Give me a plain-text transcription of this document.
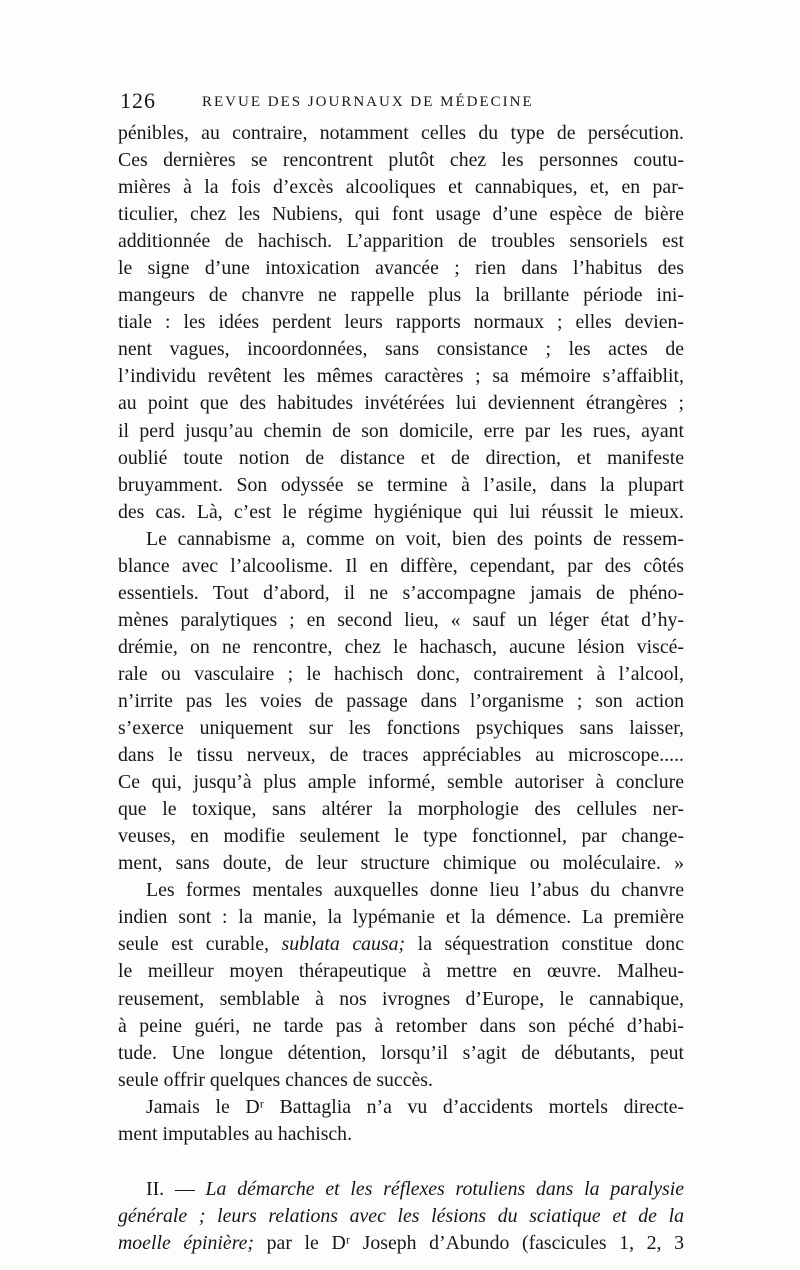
126	REVUE DES JOURNAUX DE MÉDECINE
pénibles, au contraire, notamment celles du type de persécution.
Ces dernières se rencontrent plutôt chez les personnes coutu-
mières à la fois d’excès alcooliques et cannabiques, et, en par-
ticulier, chez les Nubiens, qui font usage d’une espèce de bière
additionnée de hachisch. L’apparition de troubles sensoriels est
le signe d’une intoxication avancée ; rien dans l’habitus des
mangeurs de chanvre ne rappelle plus la brillante période ini-
tiale : les idées perdent leurs rapports normaux ; elles devien-
nent vagues, incoordonnées, sans consistance ; les actes de
l’individu revêtent les mêmes caractères ; sa mémoire s’affaiblit,
au point que des habitudes invétérées lui deviennent étrangères ;
il perd jusqu’au chemin de son domicile, erre par les rues, ayant
oublié toute notion de distance et de direction, et manifeste
bruyamment. Son odyssée se termine à l’asile, dans la plupart
des cas. Là, c’est le régime hygiénique qui lui réussit le mieux.
Le cannabisme a, comme on voit, bien des points de ressem-
blance avec l’alcoolisme. Il en diffère, cependant, par des côtés
essentiels. Tout d’abord, il ne s’accompagne jamais de phéno-
mènes paralytiques ; en second lieu, « sauf un léger état d’hy-
drémie, on ne rencontre, chez le hachasch, aucune lésion viscé-
rale ou vasculaire ; le hachisch donc, contrairement à l’alcool,
n’irrite pas les voies de passage dans l’organisme ; son action
s’exerce uniquement sur les fonctions psychiques sans laisser,
dans le tissu nerveux, de traces appréciables au microscope.....
Ce qui, jusqu’à plus ample informé, semble autoriser à conclure
que le toxique, sans altérer la morphologie des cellules ner-
veuses, en modifie seulement le type fonctionnel, par change-
ment, sans doute, de leur structure chimique ou moléculaire. »
Les formes mentales auxquelles donne lieu l’abus du chanvre
indien sont : la manie, la lypémanie et la démence. La première
seule est curable, sublata causa; la séquestration constitue donc
le meilleur moyen thérapeutique à mettre en œuvre. Malheu-
reusement, semblable à nos ivrognes d’Europe, le cannabique,
à peine guéri, ne tarde pas à retomber dans son péché d’habi-
tude. Une longue détention, lorsqu’il s’agit de débutants, peut
seule offrir quelques chances de succès.
Jamais le Dʳ Battaglia n’a vu d’accidents mortels directe-
ment imputables au hachisch.
II. — La démarche et les réflexes rotuliens dans la paralysie
générale ; leurs relations avec les lésions du sciatique et de la
moelle épinière; par le Dʳ Joseph d’Abundo (fascicules 1, 2, 3
